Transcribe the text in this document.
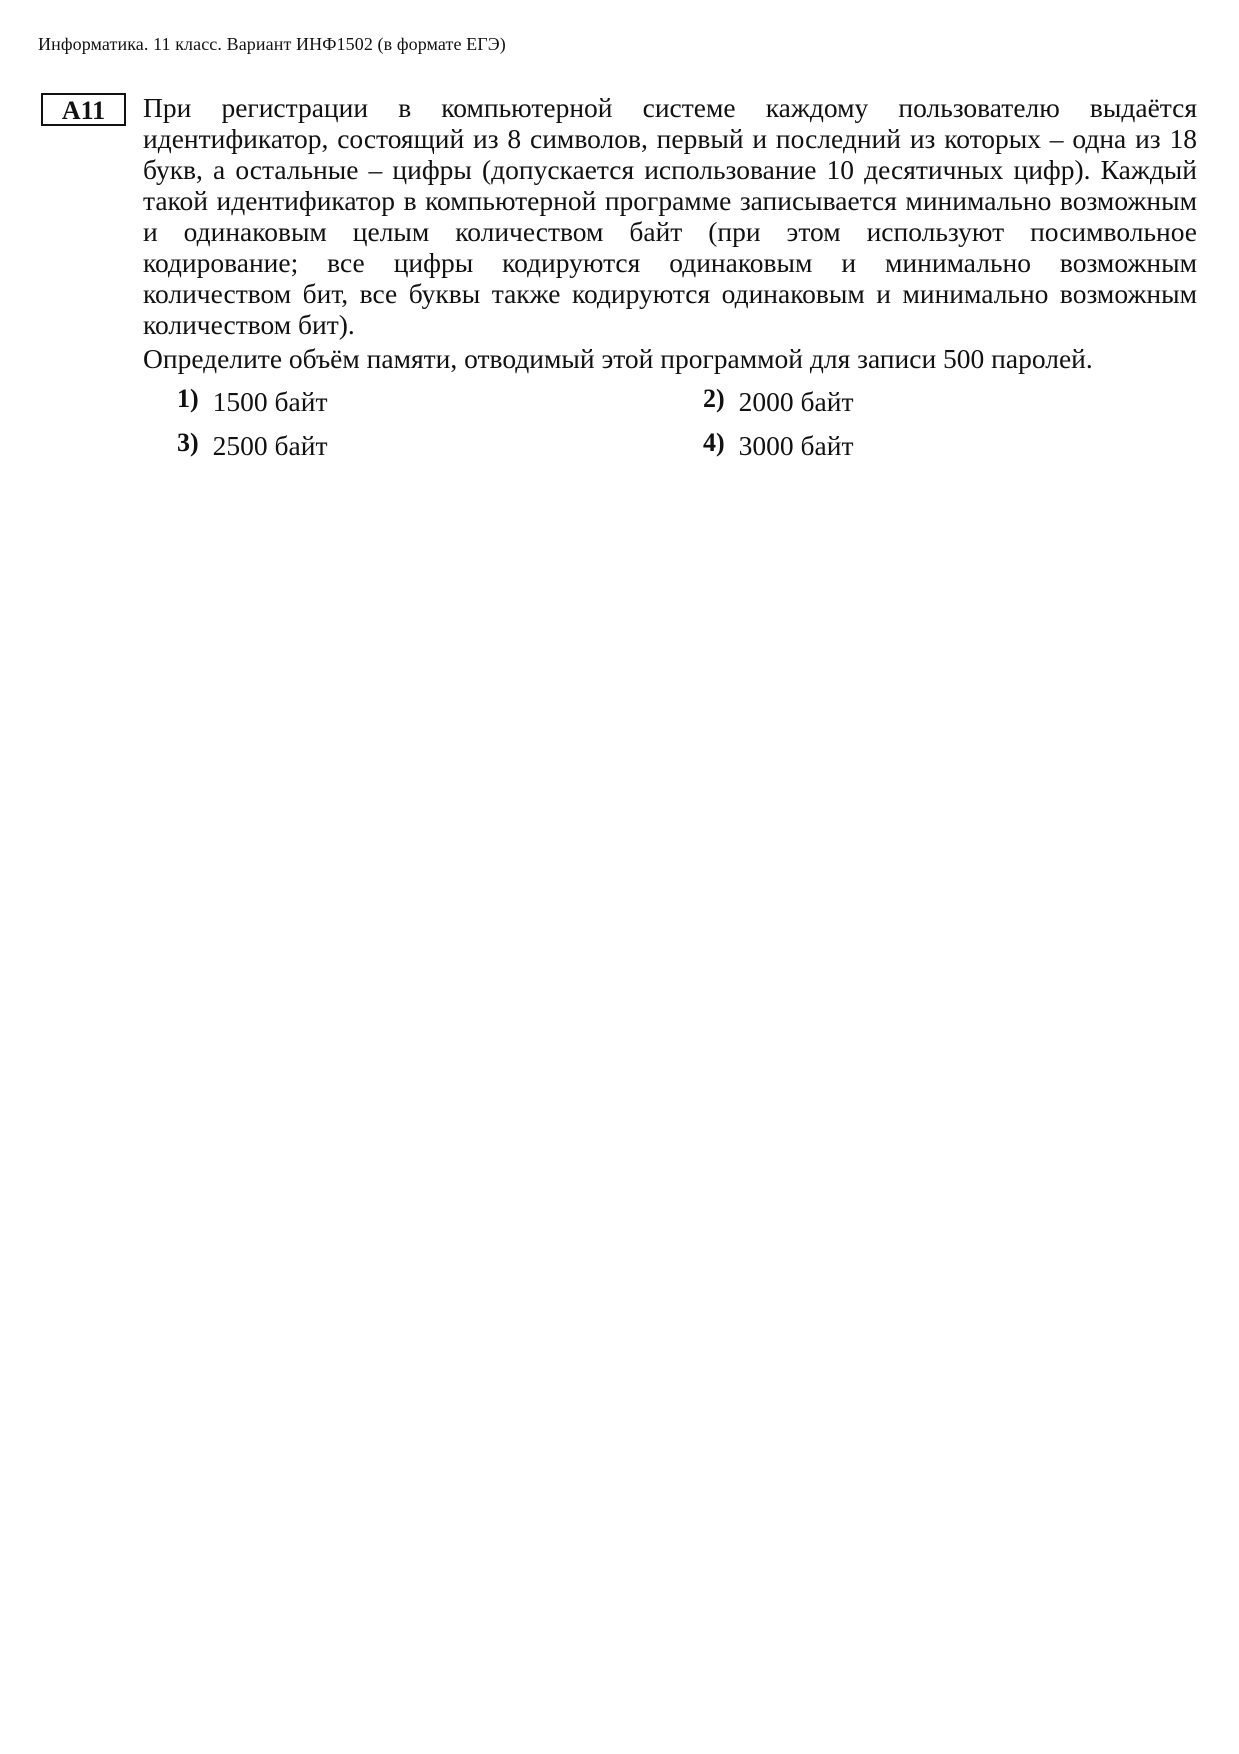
Информатика. 11 класс. Вариант ИНФ1502 (в формате ЕГЭ)
A11	При регистрации в компьютерной системе каждому пользователю выдаётся идентификатор, состоящий из 8 символов, первый и последний из которых – одна из 18 букв, а остальные – цифры (допускается использование 10 десятичных цифр). Каждый такой идентификатор в компьютерной программе записывается минимально возможным и одинаковым целым количеством байт (при этом используют посимвольное кодирование; все цифры кодируются одинаковым и минимально возможным количеством бит, все буквы также кодируются одинаковым и минимально возможным количеством бит).

Определите объём памяти, отводимый этой программой для записи 500 паролей.

1) 1500 байт	2) 2000 байт
3) 2500 байт	4) 3000 байт
